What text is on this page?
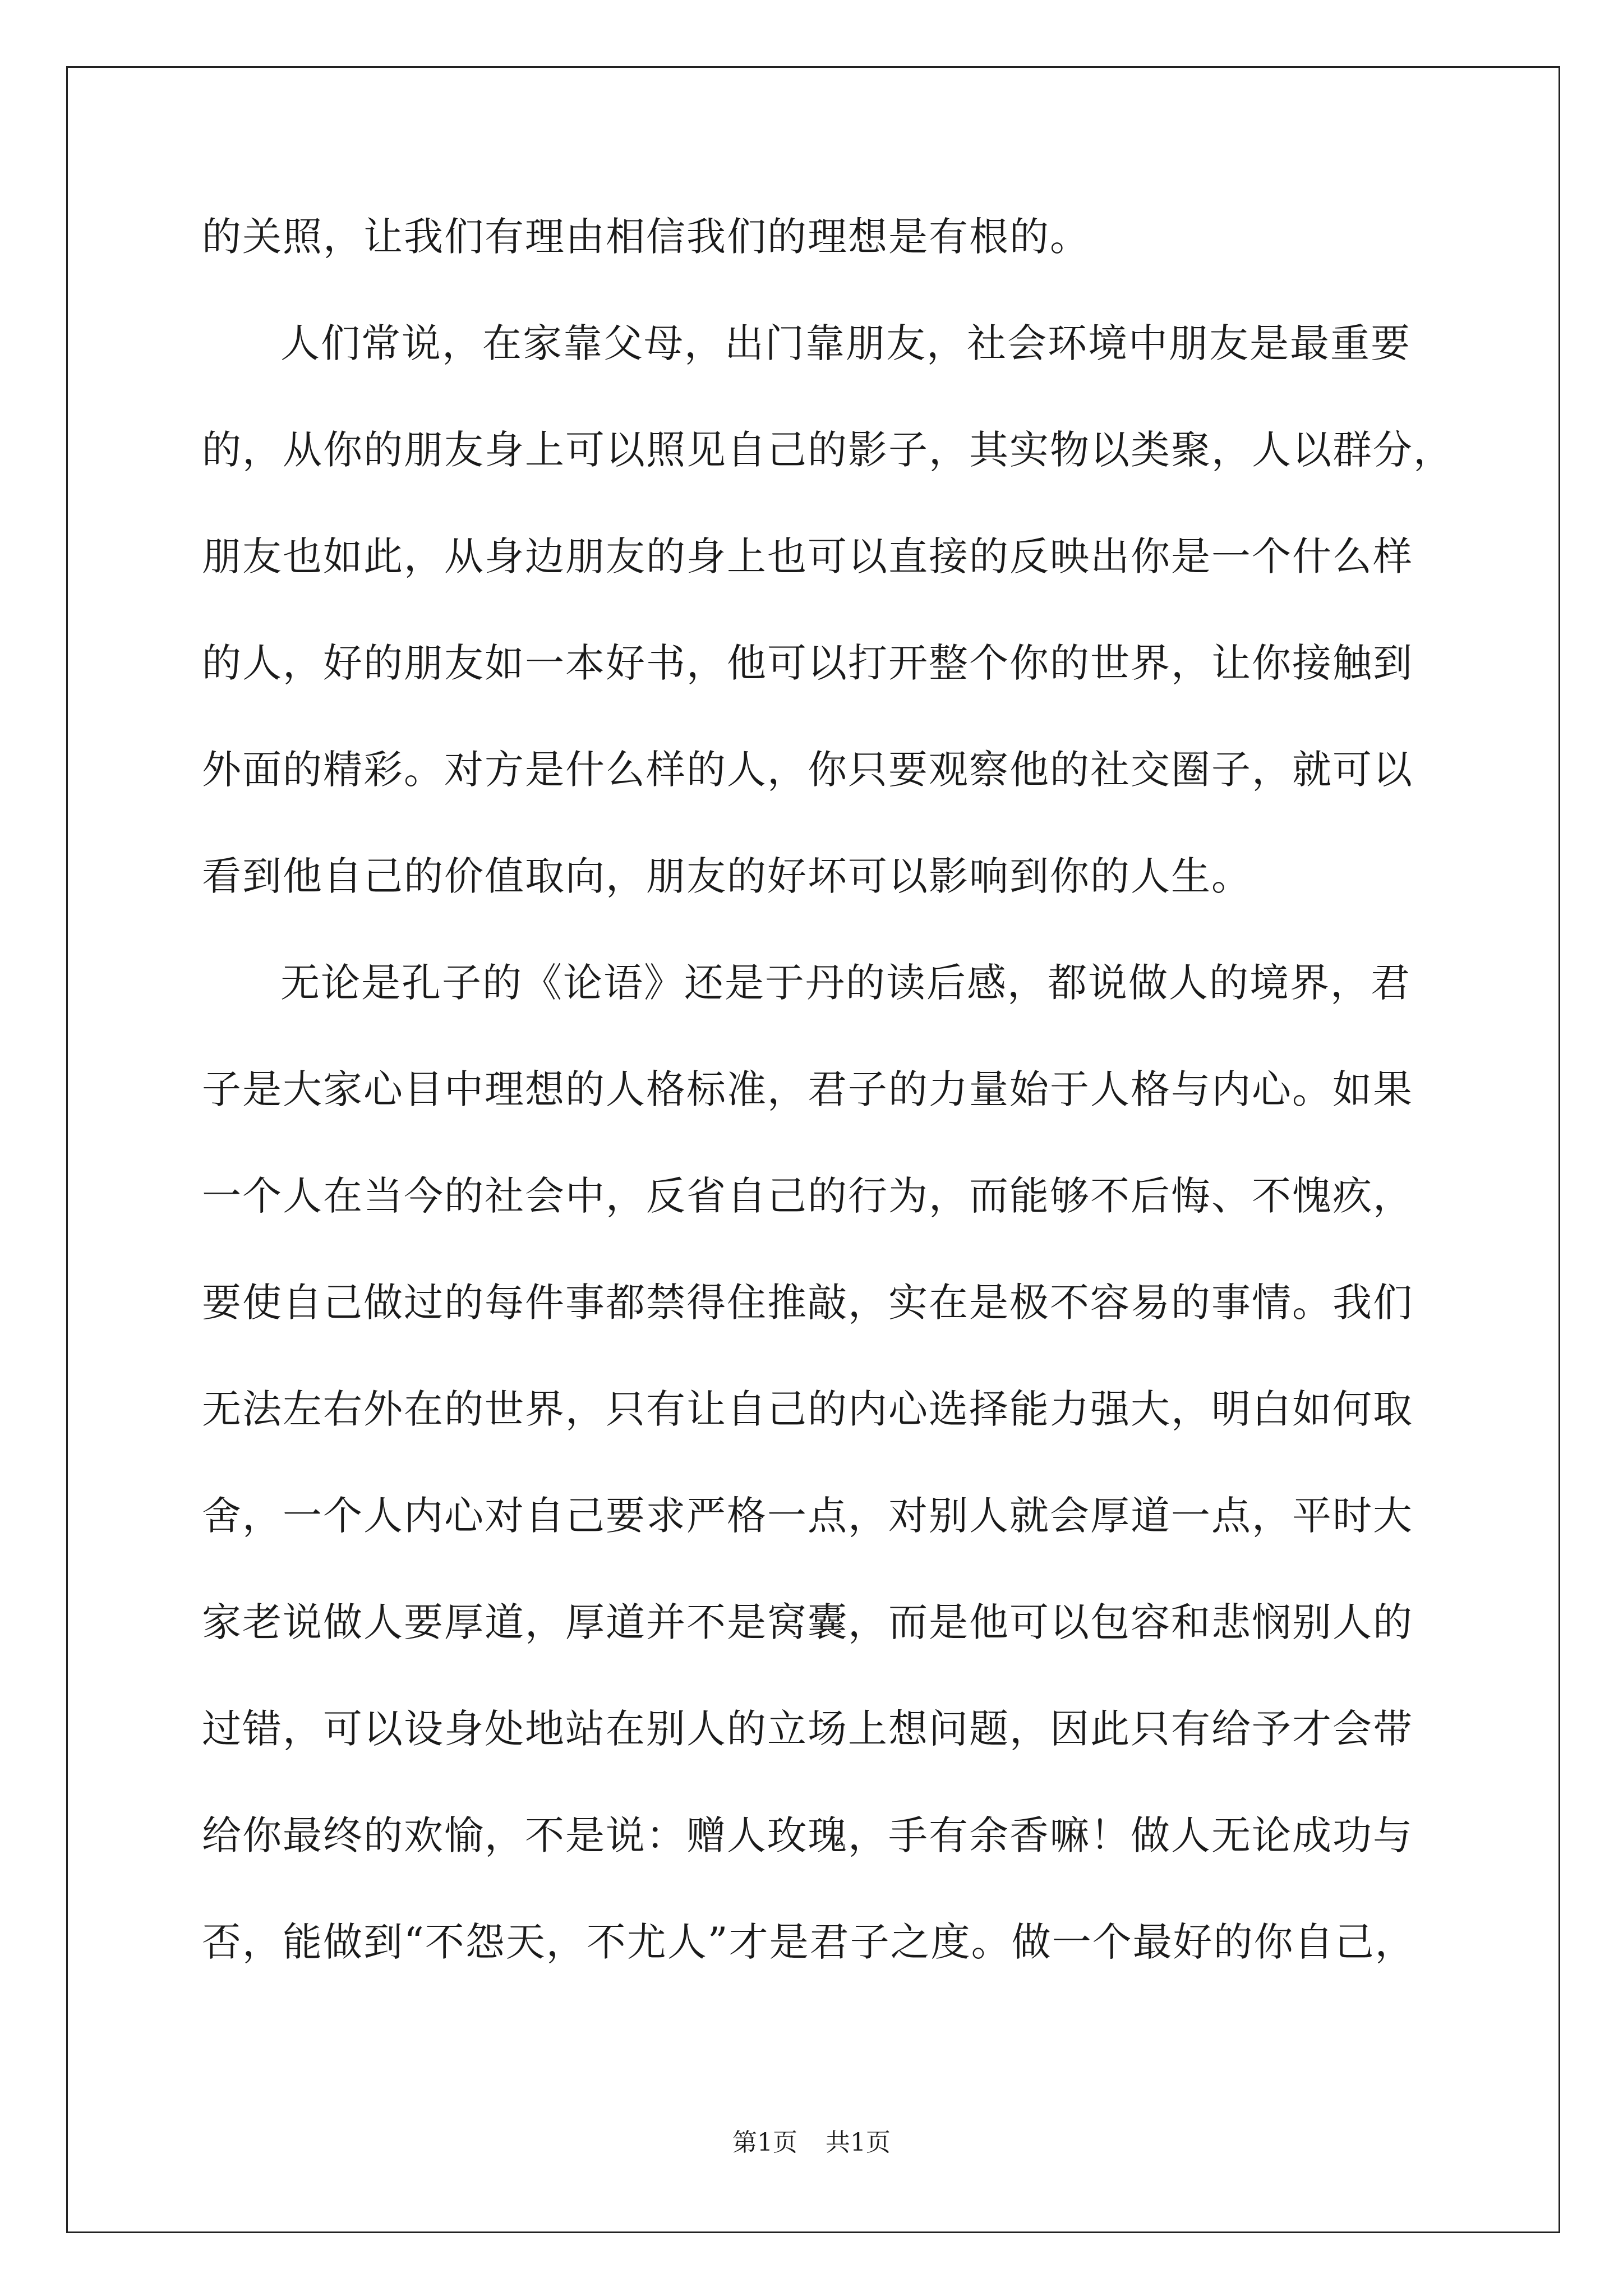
的关照，让我们有理由相信我们的理想是有根的。
人们常说，在家靠父母，出门靠朋友，社会环境中朋友是最重要
的，从你的朋友身上可以照见自己的影子，其实物以类聚，人以群分，
朋友也如此，从身边朋友的身上也可以直接的反映出你是一个什么样
的人，好的朋友如一本好书，他可以打开整个你的世界，让你接触到
外面的精彩。对方是什么样的人，你只要观察他的社交圈子，就可以
看到他自己的价值取向，朋友的好坏可以影响到你的人生。
无论是孔子的《论语》还是于丹的读后感，都说做人的境界，君
子是大家心目中理想的人格标准，君子的力量始于人格与内心。如果
一个人在当今的社会中，反省自己的行为，而能够不后悔、不愧疚，
要使自己做过的每件事都禁得住推敲，实在是极不容易的事情。我们
无法左右外在的世界，只有让自己的内心选择能力强大，明白如何取
舍，一个人内心对自己要求严格一点，对别人就会厚道一点，平时大
家老说做人要厚道，厚道并不是窝囊，而是他可以包容和悲悯别人的
过错，可以设身处地站在别人的立场上想问题，因此只有给予才会带
给你最终的欢愉，不是说：赠人玫瑰，手有余香嘛！做人无论成功与
否，能做到“不怨天，不尤人”才是君子之度。做一个最好的你自己，
第1页 共1页
